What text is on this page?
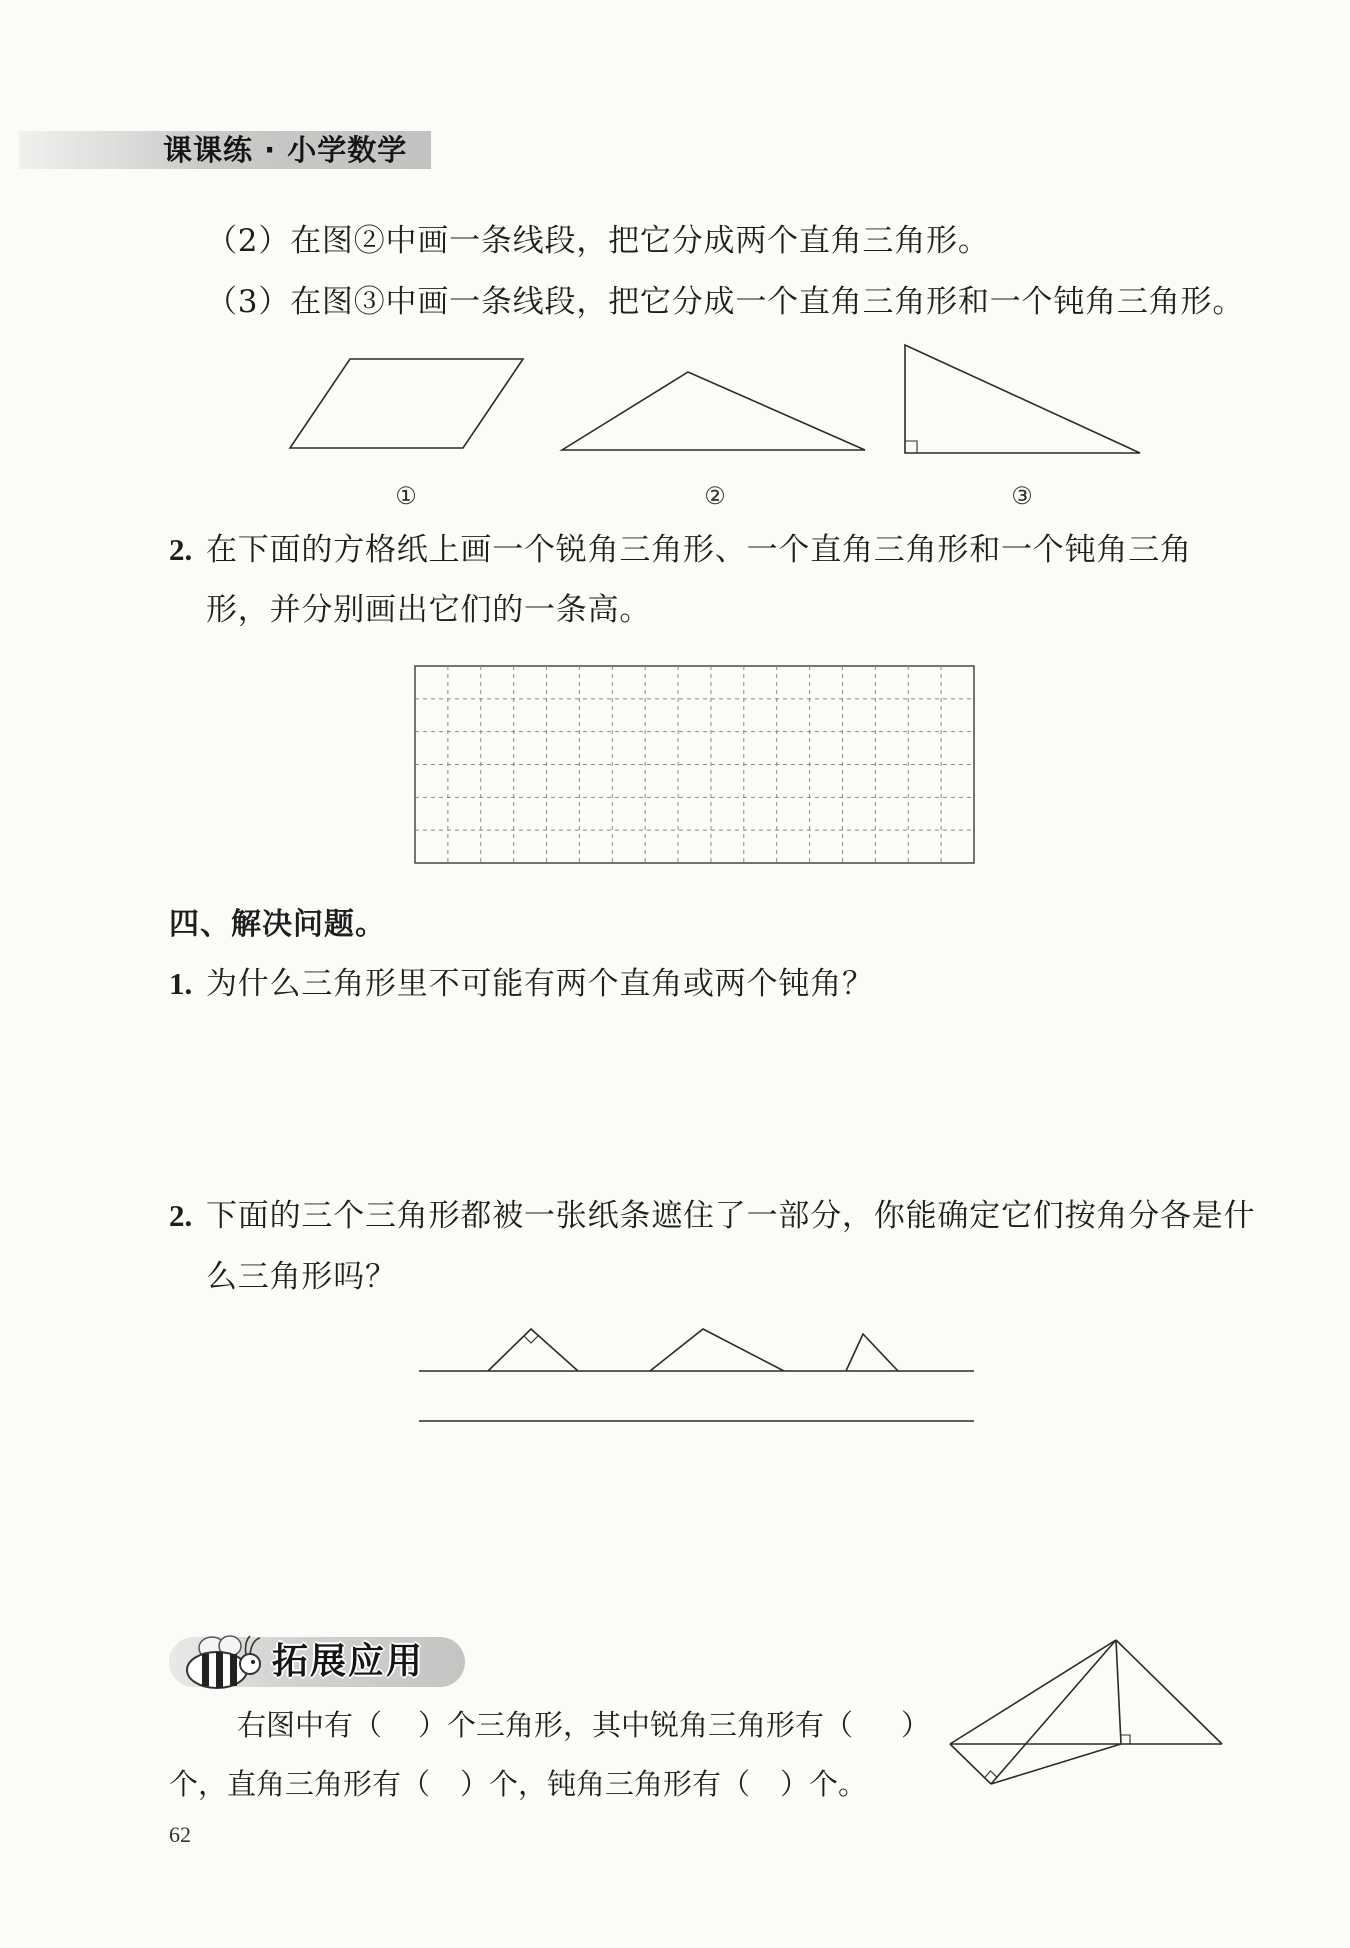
课课练 · 小学数学
（2）在图②中画一条线段，把它分成两个直角三角形。
（3）在图③中画一条线段，把它分成一个直角三角形和一个钝角三角形。
①	②	③
2. 在下面的方格纸上画一个锐角三角形、一个直角三角形和一个钝角三角
形，并分别画出它们的一条高。
四、解决问题。
1. 为什么三角形里不可能有两个直角或两个钝角？
2. 下面的三个三角形都被一张纸条遮住了一部分，你能确定它们按角分各是什
么三角形吗？
拓展应用
右图中有（ ）个三角形，其中锐角三角形有（ ）
个，直角三角形有（ ）个，钝角三角形有（ ）个。
62
